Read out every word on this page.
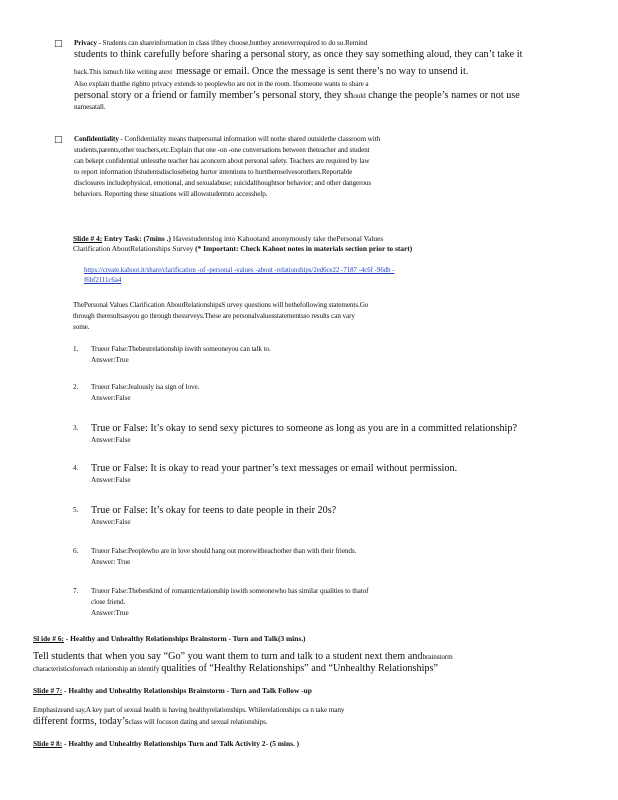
□ Privacy - Students can shareinformation in class ifthey choose,butthey areneverrequired to do so.Remind
students to think carefully before sharing a personal story, as once they say something aloud, they can’t take it
back.This ismuch like writing atext message or email. Once the message is sent there’s no way to unsend it.
Also explain thatthe rightto privacy extends to peoplewho are not in the room. Ifsomeone wants to share a
personal story or a friend or family member’s personal story, they should change the people’s names or not use
namesatall.
□ Confidentiality - Confidentiality means thatpersonal information will nothe shared outsidethe classroom with
students,parents,other teachers,etc.Explain that one -on -one conversations between theteacher and student
can bekept confidential unlessthe teacher has aconcern about personal safety. Teachers are required by law
to report information ifstudentsdisclosebeing hurtor intentions to hurtthemselvesorothers.Reportable
disclosures includephysical, emotional, and sexualabuse; suicidalthoughtsor behavior; and other dangerous
behaviors. Reporting these situations will allowstudentsto accesshelp.
Slide # 4: Entry Task: (7mins .) Havestudentslog into Kahootand anonymously take thePersonal Values
Clarification AboutRelationships Survey (* Important: Check Kahoot notes in materials section prior to start)
https://create.kahoot.it/share/clarification -of -personal -values -about -relationships/2ed6ce22 -7187 -4c6f -96db -
f6bf2111c6a4
ThePersonal Values Clarification AboutRelationshipsS urvey questions will bethefollowing statements.Go
through theresultsasyou go through thesurveys.These are personalvaluesstatementsso results can vary
some.
1. Trueor False:Thebestrelationship iswith someoneyou can talk to.
Answer:True
2. Trueor False:Jealously isa sign of love.
Answer:False
3. True or False: It’s okay to send sexy pictures to someone as long as you are in a committed relationship?
Answer:False
4. True or False: It is okay to read your partner’s text messages or email without permission.
Answer:False
5. True or False: It’s okay for teens to date people in their 20s?
Answer:False
6. Trueor False:Peoplewho are in love should hang out morewitheachother than with their friends.
Answer: True
7. Trueor False:Thebestkind of romanticrelationship iswith someonewho has similar qualities to thatof
close friend.
Answer:True
Sl ide # 6: - Healthy and Unhealthy Relationships Brainstorm - Turn and Talk(3 mins.)
Tell students that when you say “Go” you want them to turn and talk to a student next them andbrainstorm
characteristicsforeach relationship an identify qualities of “Healthy Relationships” and “Unhealthy Relationships”
Slide # 7: - Healthy and Unhealthy Relationships Brainstorm - Turn and Talk Follow -up
Emphasizeand say,A key part of sexual health is having healthyrelationships. Whilerelationships ca n take many
different forms, today’sclass will focuson dating and sexual relationships.
Slide # 8: - Healthy and Unhealthy Relationships Turn and Talk Activity 2- (5 mins. )
